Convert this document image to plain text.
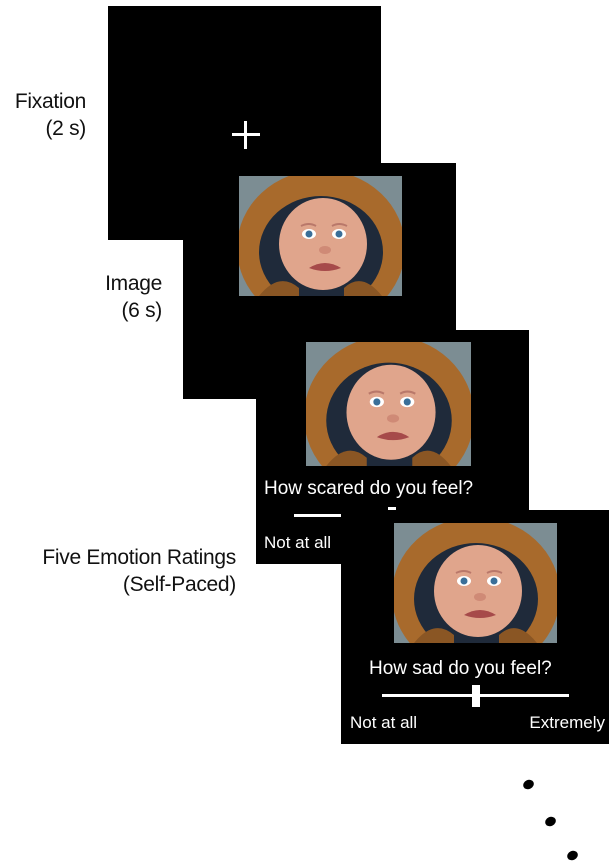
Fixation
(2 s)
Image
(6 s)
Five Emotion Ratings
(Self-Paced)
How scared do you feel?
Not at all
How sad do you feel?
Not at all	Extremely
